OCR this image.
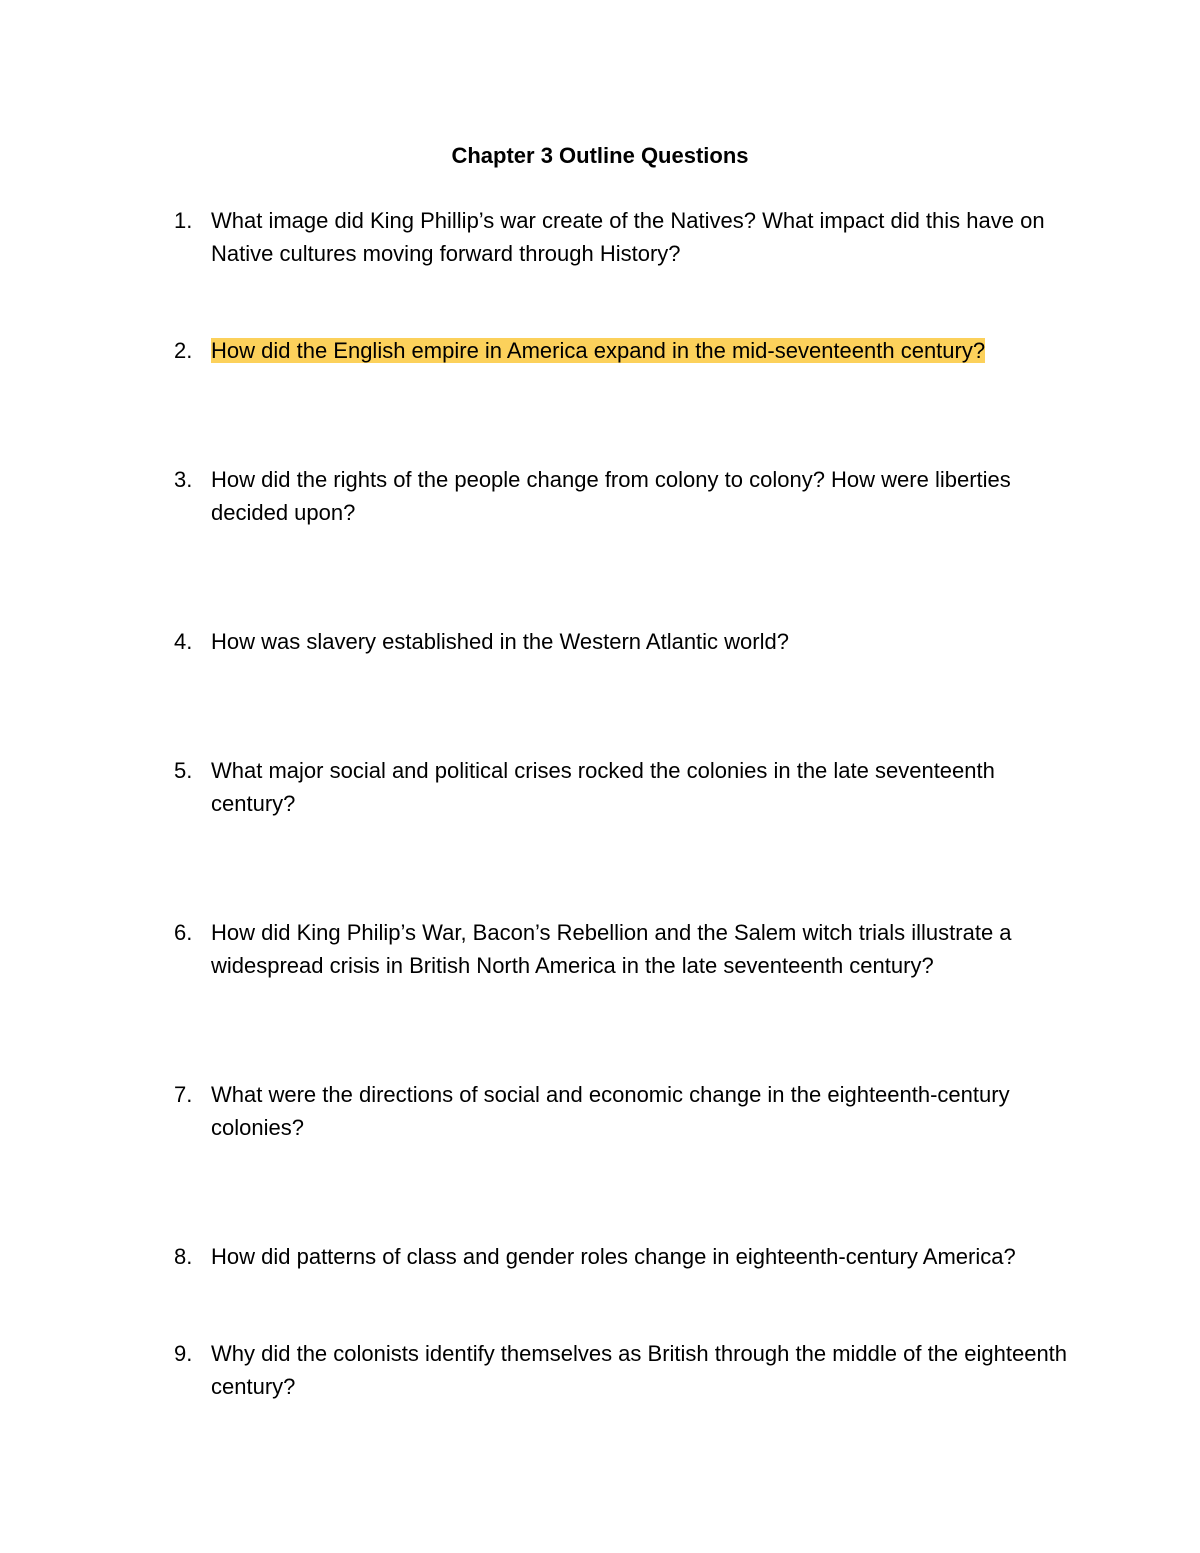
Chapter 3 Outline Questions
1. What image did King Phillip’s war create of the Natives? What impact did this have on Native cultures moving forward through History?
2. How did the English empire in America expand in the mid-seventeenth century?
3. How did the rights of the people change from colony to colony? How were liberties decided upon?
4. How was slavery established in the Western Atlantic world?
5. What major social and political crises rocked the colonies in the late seventeenth century?
6. How did King Philip’s War, Bacon’s Rebellion and the Salem witch trials illustrate a widespread crisis in British North America in the late seventeenth century?
7. What were the directions of social and economic change in the eighteenth-century colonies?
8. How did patterns of class and gender roles change in eighteenth-century America?
9. Why did the colonists identify themselves as British through the middle of the eighteenth century?
